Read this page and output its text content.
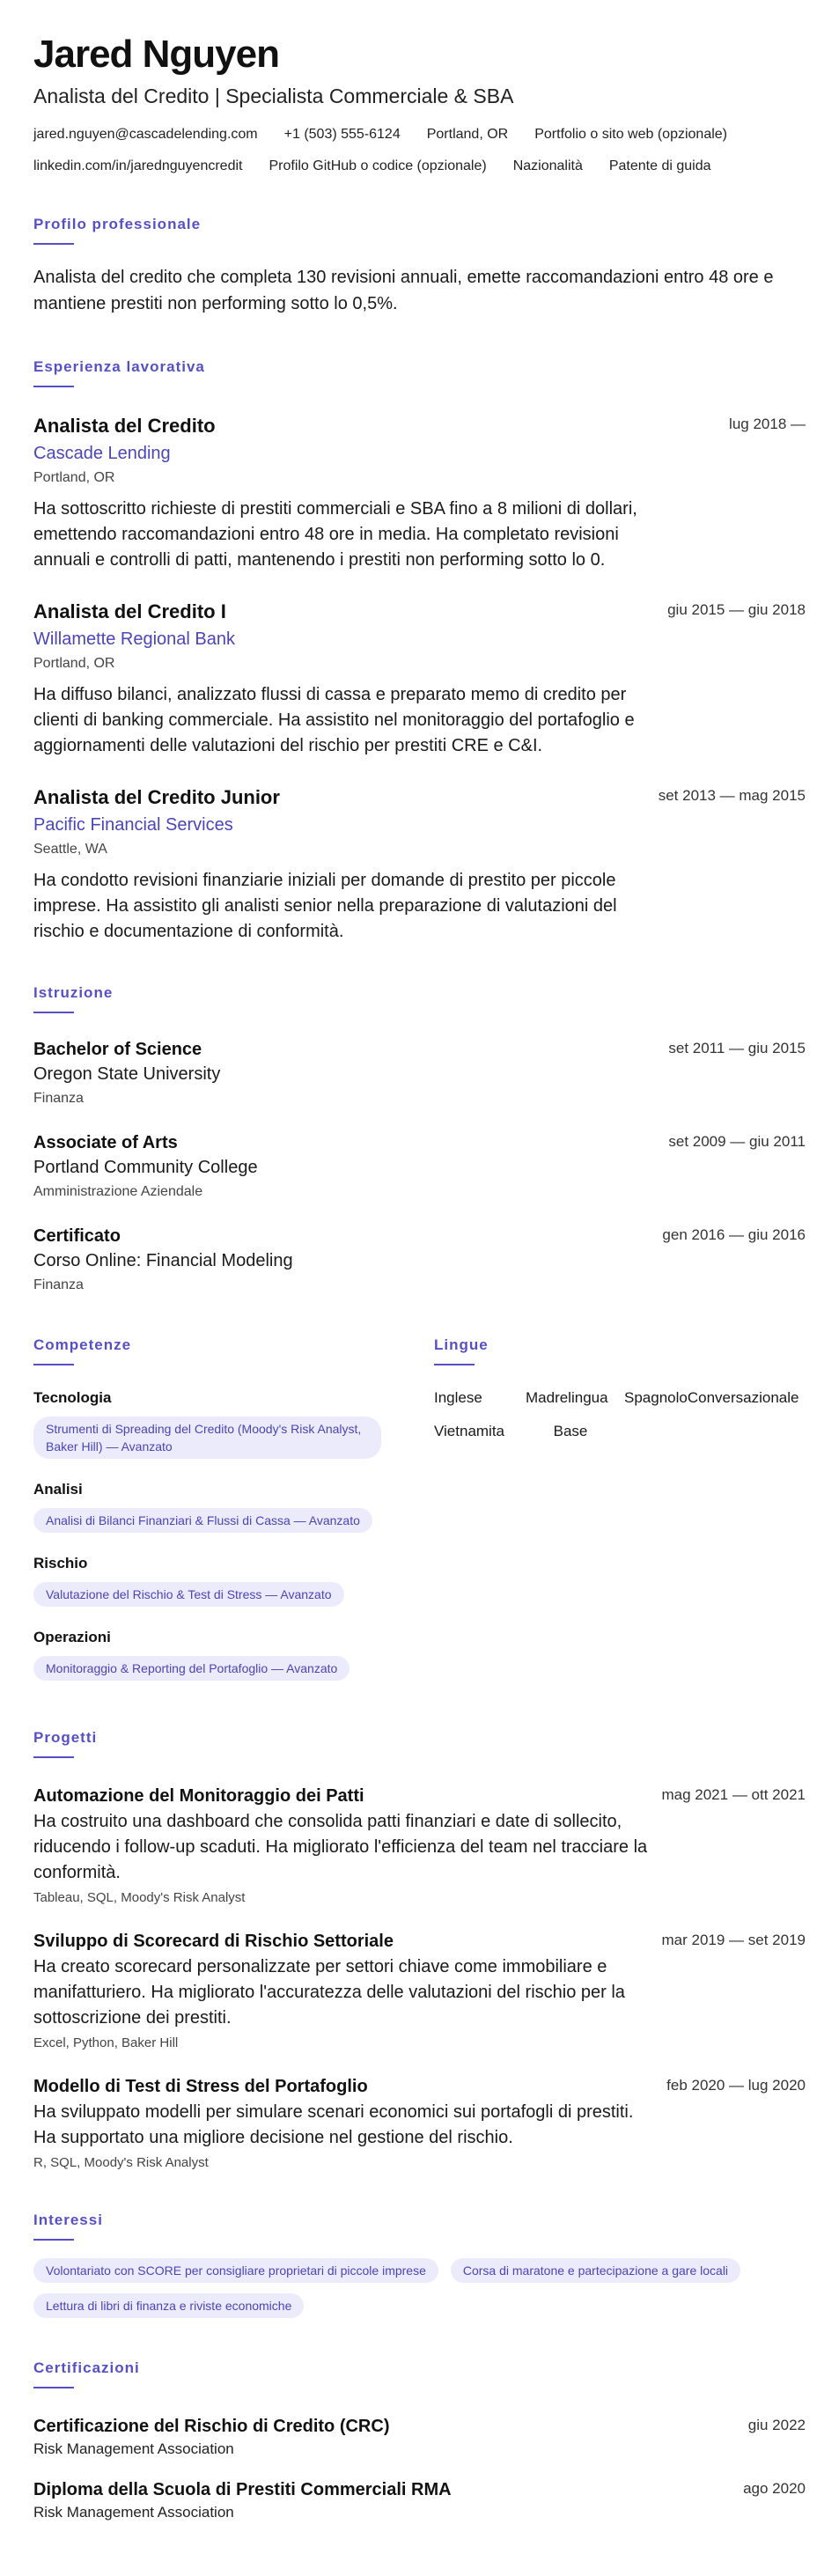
Jared Nguyen
Analista del Credito | Specialista Commerciale & SBA
jared.nguyen@cascadelending.com +1 (503) 555-6124 Portland, OR Portfolio o sito web (opzionale)
linkedin.com/in/jarednguyencredit Profilo GitHub o codice (opzionale) Nazionalità Patente di guida
Profilo professionale
Analista del credito che completa 130 revisioni annuali, emette raccomandazioni entro 48 ore e mantiene prestiti non performing sotto lo 0,5%.
Esperienza lavorativa
Analista del Credito	lug 2018 —
Cascade Lending
Portland, OR
Ha sottoscritto richieste di prestiti commerciali e SBA fino a 8 milioni di dollari, emettendo raccomandazioni entro 48 ore in media. Ha completato revisioni annuali e controlli di patti, mantenendo i prestiti non performing sotto lo 0.
Analista del Credito I	giu 2015 — giu 2018
Willamette Regional Bank
Portland, OR
Ha diffuso bilanci, analizzato flussi di cassa e preparato memo di credito per clienti di banking commerciale. Ha assistito nel monitoraggio del portafoglio e aggiornamenti delle valutazioni del rischio per prestiti CRE e C&I.
Analista del Credito Junior	set 2013 — mag 2015
Pacific Financial Services
Seattle, WA
Ha condotto revisioni finanziarie iniziali per domande di prestito per piccole imprese. Ha assistito gli analisti senior nella preparazione di valutazioni del rischio e documentazione di conformità.
Istruzione
Bachelor of Science	set 2011 — giu 2015
Oregon State University
Finanza
Associate of Arts	set 2009 — giu 2011
Portland Community College
Amministrazione Aziendale
Certificato	gen 2016 — giu 2016
Corso Online: Financial Modeling
Finanza
Competenze
Tecnologia
Strumenti di Spreading del Credito (Moody's Risk Analyst, Baker Hill) — Avanzato
Analisi
Analisi di Bilanci Finanziari & Flussi di Cassa — Avanzato
Rischio
Valutazione del Rischio & Test di Stress — Avanzato
Operazioni
Monitoraggio & Reporting del Portafoglio — Avanzato
Lingue
Inglese	Madrelingua	Spagnolo Conversazionale
Vietnamita	Base
Progetti
Automazione del Monitoraggio dei Patti	mag 2021 — ott 2021
Ha costruito una dashboard che consolida patti finanziari e date di sollecito, riducendo i follow-up scaduti. Ha migliorato l'efficienza del team nel tracciare la conformità.
Tableau, SQL, Moody's Risk Analyst
Sviluppo di Scorecard di Rischio Settoriale	mar 2019 — set 2019
Ha creato scorecard personalizzate per settori chiave come immobiliare e manifatturiero. Ha migliorato l'accuratezza delle valutazioni del rischio per la sottoscrizione dei prestiti.
Excel, Python, Baker Hill
Modello di Test di Stress del Portafoglio	feb 2020 — lug 2020
Ha sviluppato modelli per simulare scenari economici sui portafogli di prestiti. Ha supportato una migliore decisione nel gestione del rischio.
R, SQL, Moody's Risk Analyst
Interessi
Volontariato con SCORE per consigliare proprietari di piccole imprese	Corsa di maratone e partecipazione a gare locali
Lettura di libri di finanza e riviste economiche
Certificazioni
Certificazione del Rischio di Credito (CRC)	giu 2022
Risk Management Association
Diploma della Scuola di Prestiti Commerciali RMA	ago 2020
Risk Management Association
